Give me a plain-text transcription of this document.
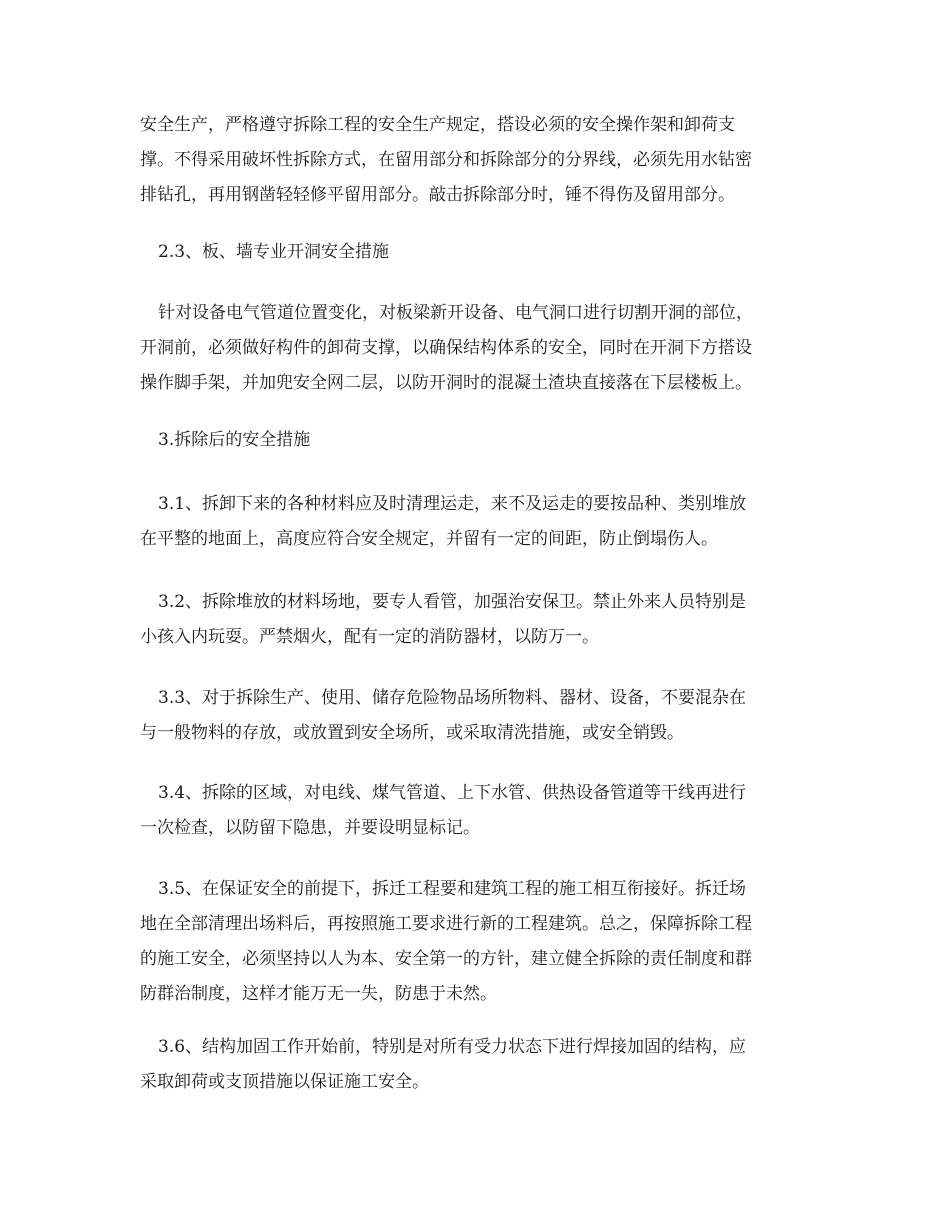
安全生产，严格遵守拆除工程的安全生产规定，搭设必须的安全操作架和卸荷支
撑。不得采用破坏性拆除方式，在留用部分和拆除部分的分界线，必须先用水钻密
排钻孔，再用钢凿轻轻修平留用部分。敲击拆除部分时，锤不得伤及留用部分。

2.3、板、墙专业开洞安全措施

针对设备电气管道位置变化，对板梁新开设备、电气洞口进行切割开洞的部位，
开洞前，必须做好构件的卸荷支撑，以确保结构体系的安全，同时在开洞下方搭设
操作脚手架，并加兜安全网二层，以防开洞时的混凝土渣块直接落在下层楼板上。

3.拆除后的安全措施

3.1、拆卸下来的各种材料应及时清理运走，来不及运走的要按品种、类别堆放
在平整的地面上，高度应符合安全规定，并留有一定的间距，防止倒塌伤人。

3.2、拆除堆放的材料场地，要专人看管，加强治安保卫。禁止外来人员特别是
小孩入内玩耍。严禁烟火，配有一定的消防器材，以防万一。

3.3、对于拆除生产、使用、储存危险物品场所物料、器材、设备，不要混杂在
与一般物料的存放，或放置到安全场所，或采取清洗措施，或安全销毁。

3.4、拆除的区域，对电线、煤气管道、上下水管、供热设备管道等干线再进行
一次检查，以防留下隐患，并要设明显标记。

3.5、在保证安全的前提下，拆迁工程要和建筑工程的施工相互衔接好。拆迁场
地在全部清理出场料后，再按照施工要求进行新的工程建筑。总之，保障拆除工程
的施工安全，必须坚持以人为本、安全第一的方针，建立健全拆除的责任制度和群
防群治制度，这样才能万无一失，防患于未然。

3.6、结构加固工作开始前，特别是对所有受力状态下进行焊接加固的结构，应
采取卸荷或支顶措施以保证施工安全。
